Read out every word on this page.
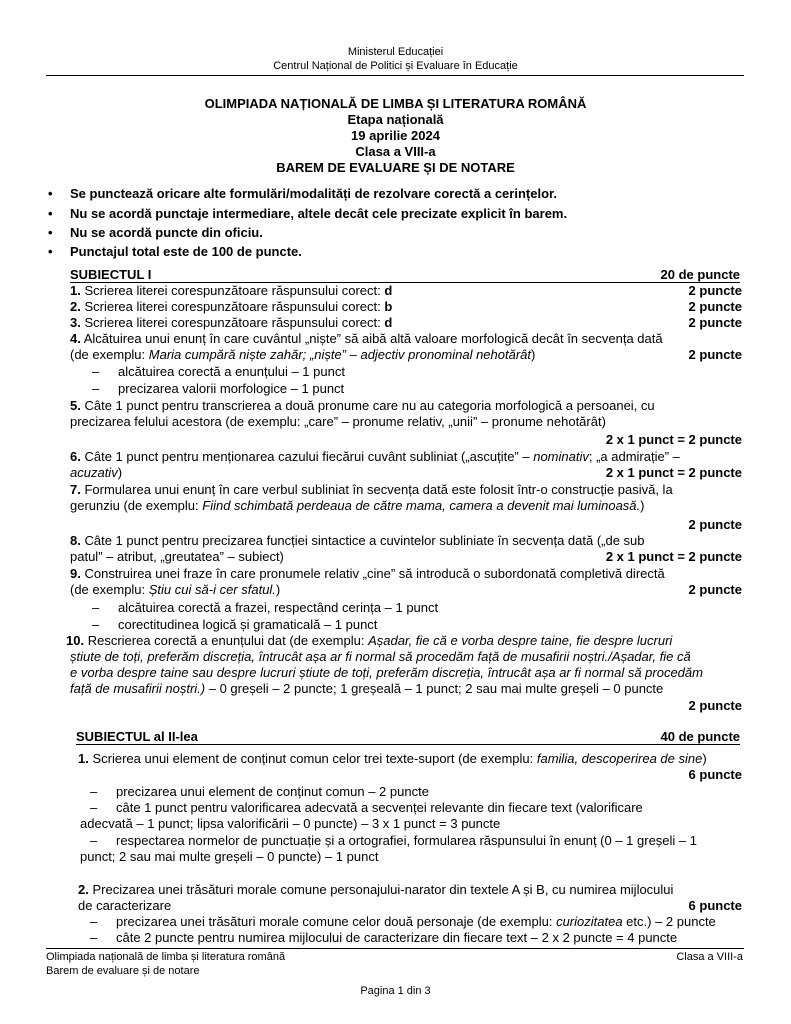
Ministerul Educației
Centrul Național de Politici și Evaluare în Educație
OLIMPIADA NAȚIONALĂ DE LIMBA ȘI LITERATURA ROMÂNĂ
Etapa națională
19 aprilie 2024
Clasa a VIII-a
BAREM DE EVALUARE ȘI DE NOTARE
• Se punctează oricare alte formulări/modalități de rezolvare corectă a cerințelor.
• Nu se acordă punctaje intermediare, altele decât cele precizate explicit în barem.
• Nu se acordă puncte din oficiu.
• Punctajul total este de 100 de puncte.
SUBIECTUL I	20 de puncte
1. Scrierea literei corespunzătoare răspunsului corect: d	2 puncte
2. Scrierea literei corespunzătoare răspunsului corect: b	2 puncte
3. Scrierea literei corespunzătoare răspunsului corect: d	2 puncte
4. Alcătuirea unui enunț în care cuvântul „niște” să aibă altă valoare morfologică decât în secvența dată
(de exemplu: Maria cumpără niște zahăr; „niște” – adjectiv pronominal nehotărât)	2 puncte
– alcătuirea corectă a enunțului – 1 punct
– precizarea valorii morfologice – 1 punct
5. Câte 1 punct pentru transcrierea a două pronume care nu au categoria morfologică a persoanei, cu
precizarea felului acestora (de exemplu: „care” – pronume relativ, „unii” – pronume nehotărât)
2 x 1 punct = 2 puncte
6. Câte 1 punct pentru menționarea cazului fiecărui cuvânt subliniat („ascuțite” – nominativ; „a admirație” –
acuzativ)	2 x 1 punct = 2 puncte
7. Formularea unui enunț în care verbul subliniat în secvența dată este folosit într-o construcție pasivă, la
gerunziu (de exemplu: Fiind schimbată perdeaua de către mama, camera a devenit mai luminoasă.)
2 puncte
8. Câte 1 punct pentru precizarea funcției sintactice a cuvintelor subliniate în secvența dată („de sub
patul” – atribut, „greutatea” – subiect)	2 x 1 punct = 2 puncte
9. Construirea unei fraze în care pronumele relativ „cine” să introducă o subordonată completivă directă
(de exemplu: Știu cui să-i cer sfatul.)	2 puncte
– alcătuirea corectă a frazei, respectând cerința – 1 punct
– corectitudinea logică și gramaticală – 1 punct
10. Rescrierea corectă a enunțului dat (de exemplu: Așadar, fie că e vorba despre taine, fie despre lucruri
știute de toți, preferăm discreția, întrucât așa ar fi normal să procedăm față de musafirii noștri./Așadar, fie că
e vorba despre taine sau despre lucruri știute de toți, preferăm discreția, întrucât așa ar fi normal să procedăm
față de musafirii noștri.) – 0 greșeli – 2 puncte; 1 greșeală – 1 punct; 2 sau mai multe greșeli – 0 puncte
2 puncte
SUBIECTUL al II-lea	40 de puncte
1. Scrierea unui element de conținut comun celor trei texte-suport (de exemplu: familia, descoperirea de sine)
6 puncte
– precizarea unui element de conținut comun – 2 puncte
– câte 1 punct pentru valorificarea adecvată a secvenței relevante din fiecare text (valorificare
adecvată – 1 punct; lipsa valorificării – 0 puncte) – 3 x 1 punct = 3 puncte
– respectarea normelor de punctuație și a ortografiei, formularea răspunsului în enunț (0 – 1 greșeli – 1
punct; 2 sau mai multe greșeli – 0 puncte) – 1 punct
2. Precizarea unei trăsături morale comune personajului-narator din textele A și B, cu numirea mijlocului
de caracterizare	6 puncte
– precizarea unei trăsături morale comune celor două personaje (de exemplu: curiozitatea etc.) – 2 puncte
– câte 2 puncte pentru numirea mijlocului de caracterizare din fiecare text – 2 x 2 puncte = 4 puncte
Olimpiada națională de limba și literatura română
Barem de evaluare și de notare
Clasa a VIII-a
Pagina 1 din 3
